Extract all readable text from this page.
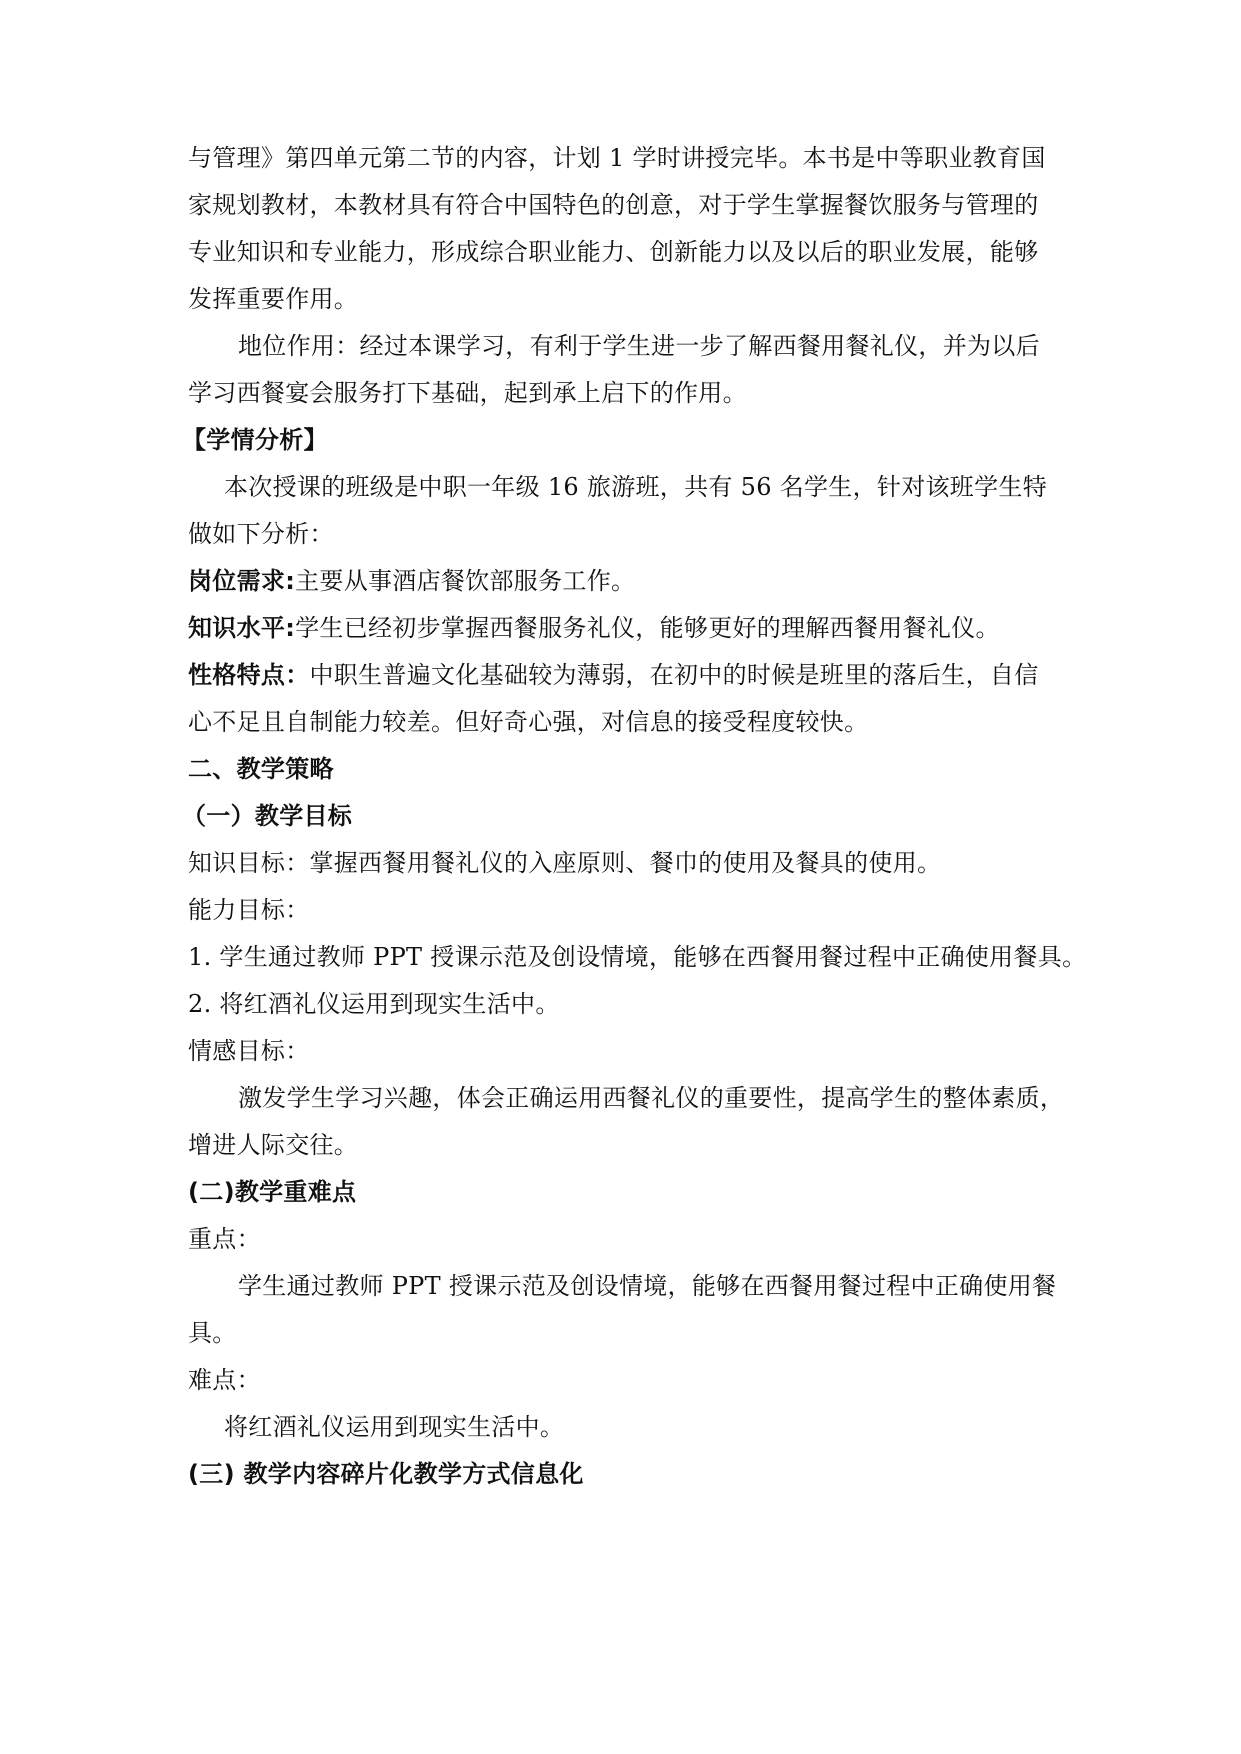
与管理》第四单元第二节的内容，计划 1 学时讲授完毕。本书是中等职业教育国
家规划教材，本教材具有符合中国特色的创意，对于学生掌握餐饮服务与管理的
专业知识和专业能力，形成综合职业能力、创新能力以及以后的职业发展，能够
发挥重要作用。
地位作用：经过本课学习，有利于学生进一步了解西餐用餐礼仪，并为以后
学习西餐宴会服务打下基础，起到承上启下的作用。
【学情分析】
本次授课的班级是中职一年级 16 旅游班，共有 56 名学生，针对该班学生特
做如下分析：
岗位需求:主要从事酒店餐饮部服务工作。
知识水平:学生已经初步掌握西餐服务礼仪，能够更好的理解西餐用餐礼仪。
性格特点：中职生普遍文化基础较为薄弱，在初中的时候是班里的落后生，自信
心不足且自制能力较差。但好奇心强，对信息的接受程度较快。
二、教学策略
（一）教学目标
知识目标：掌握西餐用餐礼仪的入座原则、餐巾的使用及餐具的使用。
能力目标：
1. 学生通过教师 PPT 授课示范及创设情境，能够在西餐用餐过程中正确使用餐具。
2. 将红酒礼仪运用到现实生活中。
情感目标：
激发学生学习兴趣，体会正确运用西餐礼仪的重要性，提高学生的整体素质，
增进人际交往。
(二)教学重难点
重点：
学生通过教师 PPT 授课示范及创设情境，能够在西餐用餐过程中正确使用餐
具。
难点：
将红酒礼仪运用到现实生活中。
(三) 教学内容碎片化教学方式信息化
